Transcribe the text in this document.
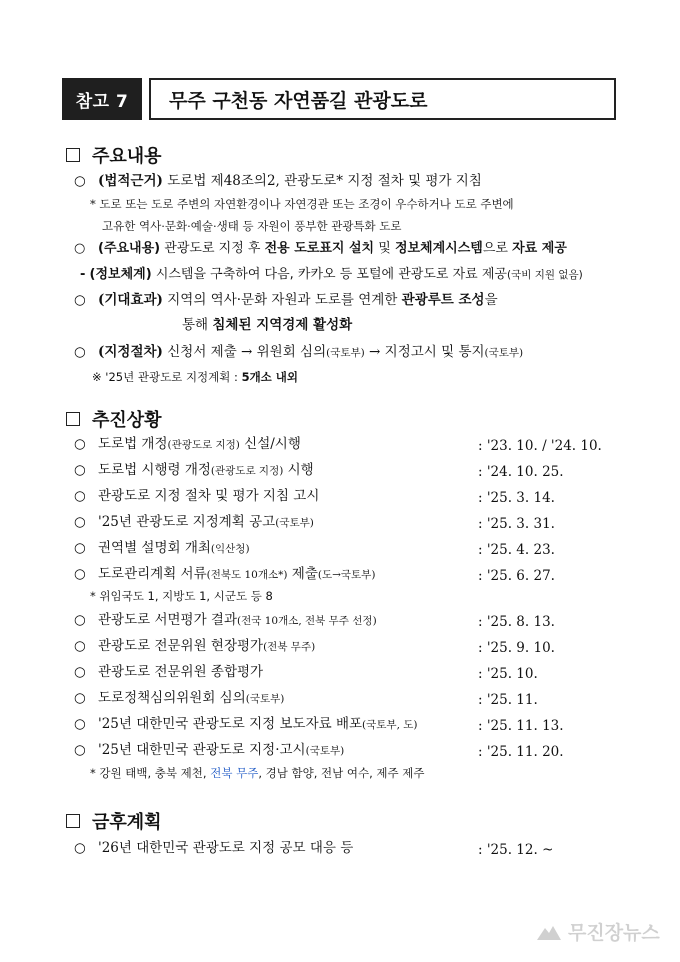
참고 7	무주 구천동 자연품길 관광도로
주요내용
○ (법적근거) 도로법 제48조의2, 관광도로* 지정 절차 및 평가 지침
* 도로 또는 도로 주변의 자연환경이나 자연경관 또는 조경이 우수하거나 도로 주변에
고유한 역사·문화·예술·생태 등 자원이 풍부한 관광특화 도로
○ (주요내용) 관광도로 지정 후 전용 도로표지 설치 및 정보체계시스템으로 자료 제공
- (정보체계) 시스템을 구축하여 다음, 카카오 등 포털에 관광도로 자료 제공(국비 지원 없음)
○ (기대효과) 지역의 역사·문화 자원과 도로를 연계한 관광루트 조성을
통해 침체된 지역경제 활성화
○ (지정절차) 신청서 제출 → 위원회 심의(국토부) → 지정고시 및 통지(국토부)
※ '25년 관광도로 지정계획 : 5개소 내외
추진상황
○ 도로법 개정(관광도로 지정) 신설/시행	: '23. 10. / '24. 10.
○ 도로법 시행령 개정(관광도로 지정) 시행	: '24. 10. 25.
○ 관광도로 지정 절차 및 평가 지침 고시	: '25. 3. 14.
○ '25년 관광도로 지정계획 공고(국토부)	: '25. 3. 31.
○ 권역별 설명회 개최(익산청)	: '25. 4. 23.
○ 도로관리계획 서류(전북도 10개소*) 제출(도→국토부)	: '25. 6. 27.
* 위임국도 1, 지방도 1, 시군도 등 8
○ 관광도로 서면평가 결과(전국 10개소, 전북 무주 선정)	: '25. 8. 13.
○ 관광도로 전문위원 현장평가(전북 무주)	: '25. 9. 10.
○ 관광도로 전문위원 종합평가	: '25. 10.
○ 도로정책심의위원회 심의(국토부)	: '25. 11.
○ '25년 대한민국 관광도로 지정 보도자료 배포(국토부, 도)	: '25. 11. 13.
○ '25년 대한민국 관광도로 지정·고시(국토부)	: '25. 11. 20.
* 강원 태백, 충북 제천, 전북 무주, 경남 함양, 전남 여수, 제주 제주
금후계획
○ '26년 대한민국 관광도로 지정 공모 대응 등	: '25. 12. ~
무진장뉴스
